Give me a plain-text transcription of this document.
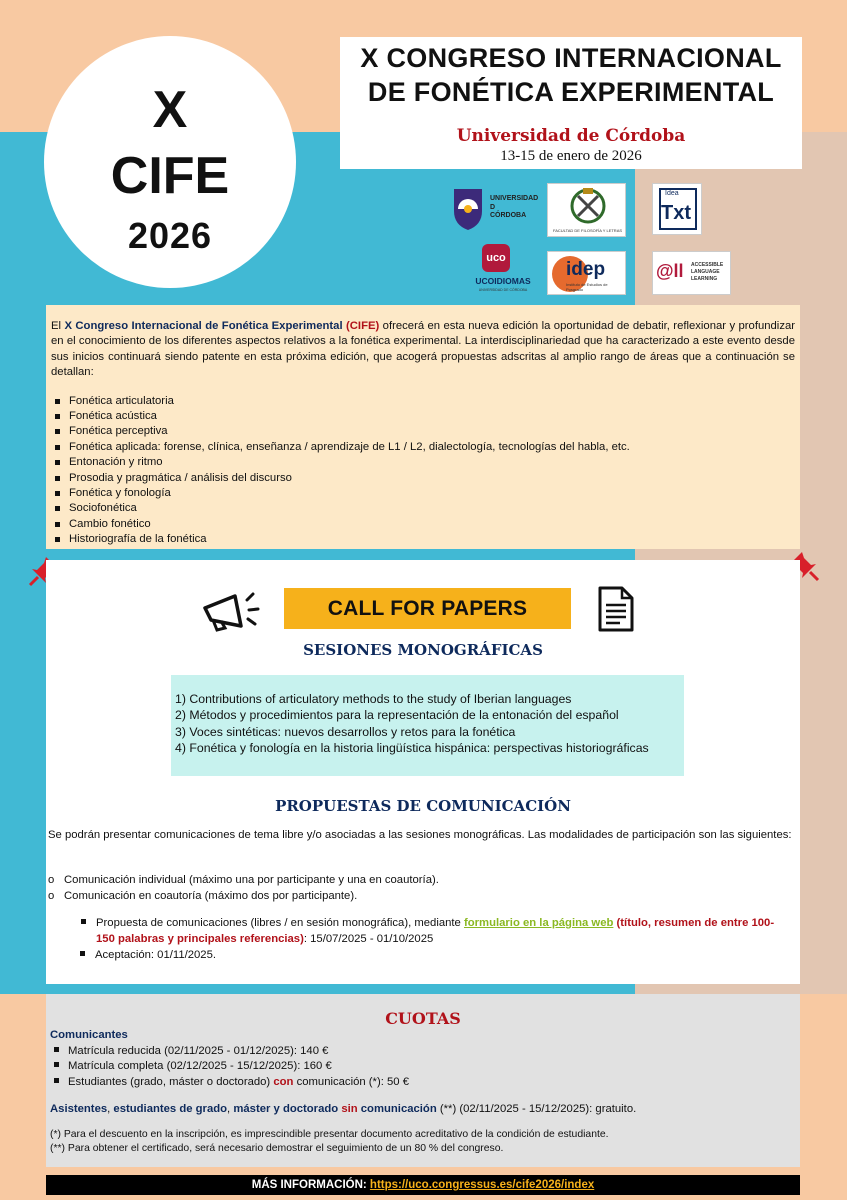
X
CIFE
2026
X CONGRESO INTERNACIONAL
DE FONÉTICA EXPERIMENTAL
Universidad de Córdoba
13-15 de enero de 2026
UNIVERSIDAD
D
CÓRDOBA
FACULTAD DE FILOSOFÍA Y LETRAS
Idea
Txt
uco
UCOIDIOMAS
UNIVERSIDAD DE CÓRDOBA
idep
Instituto de Estudios de Posgrado
@ll ACCESSIBLE
LANGUAGE
LEARNING

El X Congreso Internacional de Fonética Experimental (CIFE) ofrecerá en esta nueva edición la oportunidad de debatir, reflexionar y profundizar en el conocimiento de los diferentes aspectos relativos a la fonética experimental. La interdisciplinariedad que ha caracterizado a este evento desde sus inicios continuará siendo patente en esta próxima edición, que acogerá propuestas adscritas al amplio rango de áreas que a continuación se detallan:

Fonética articulatoria
Fonética acústica
Fonética perceptiva
Fonética aplicada: forense, clínica, enseñanza / aprendizaje de L1 / L2, dialectología, tecnologías del habla, etc.
Entonación y ritmo
Prosodia y pragmática / análisis del discurso
Fonética y fonología
Sociofonética
Cambio fonético
Historiografía de la fonética
CALL FOR PAPERS
SESIONES MONOGRÁFICAS
1) Contributions of articulatory methods to the study of Iberian languages
2) Métodos y procedimientos para la representación de la entonación del español
3) Voces sintéticas: nuevos desarrollos y retos para la fonética
4) Fonética y fonología en la historia lingüística hispánica: perspectivas historiográficas
PROPUESTAS DE COMUNICACIÓN
Se podrán presentar comunicaciones de tema libre y/o asociadas a las sesiones monográficas. Las modalidades de participación son las siguientes:
o Comunicación individual (máximo una por participante y una en coautoría).
o Comunicación en coautoría (máximo dos por participante).
Propuesta de comunicaciones (libres / en sesión monográfica), mediante formulario en la página web (título, resumen de entre 100-150 palabras y principales referencias): 15/07/2025 - 01/10/2025
Aceptación: 01/11/2025.
CUOTAS
Comunicantes
Matrícula reducida (02/11/2025 - 01/12/2025): 140 €
Matrícula completa (02/12/2025 - 15/12/2025): 160 €
Estudiantes (grado, máster o doctorado) con comunicación (*): 50 €
Asistentes, estudiantes de grado, máster y doctorado sin comunicación (**) (02/11/2025 - 15/12/2025): gratuito.
(*) Para el descuento en la inscripción, es imprescindible presentar documento acreditativo de la condición de estudiante.
(**) Para obtener el certificado, será necesario demostrar el seguimiento de un 80 % del congreso.
MÁS INFORMACIÓN: https://uco.congressus.es/cife2026/index
